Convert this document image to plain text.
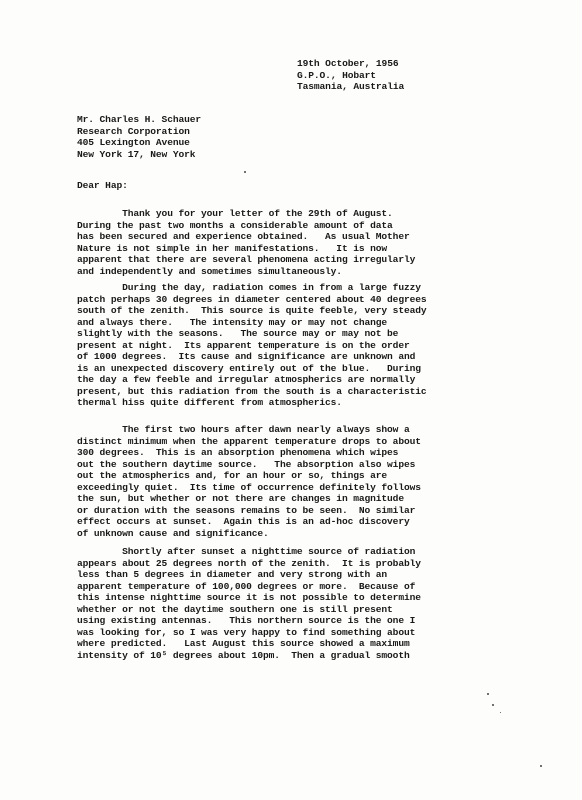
19th October, 1956
G.P.O., Hobart
Tasmania, Australia
Mr. Charles H. Schauer
Research Corporation
405 Lexington Avenue
New York 17, New York
Dear Hap:
Thank you for your letter of the 29th of August.
During the past two months a considerable amount of data
has been secured and experience obtained.   As usual Mother
Nature is not simple in her manifestations.   It is now
apparent that there are several phenomena acting irregularly
and independently and sometimes simultaneously.
During the day, radiation comes in from a large fuzzy
patch perhaps 30 degrees in diameter centered about 40 degrees
south of the zenith.  This source is quite feeble, very steady
and always there.   The intensity may or may not change
slightly with the seasons.   The source may or may not be
present at night.  Its apparent temperature is on the order
of 1000 degrees.  Its cause and significance are unknown and
is an unexpected discovery entirely out of the blue.   During
the day a few feeble and irregular atmospherics are normally
present, but this radiation from the south is a characteristic
thermal hiss quite different from atmospherics.
The first two hours after dawn nearly always show a
distinct minimum when the apparent temperature drops to about
300 degrees.  This is an absorption phenomena which wipes
out the southern daytime source.   The absorption also wipes
out the atmospherics and, for an hour or so, things are
exceedingly quiet.  Its time of occurrence definitely follows
the sun, but whether or not there are changes in magnitude
or duration with the seasons remains to be seen.  No similar
effect occurs at sunset.  Again this is an ad-hoc discovery
of unknown cause and significance.
Shortly after sunset a nighttime source of radiation
appears about 25 degrees north of the zenith.  It is probably
less than 5 degrees in diameter and very strong with an
apparent temperature of 100,000 degrees or more.  Because of
this intense nighttime source it is not possible to determine
whether or not the daytime southern one is still present
using existing antennas.   This northern source is the one I
was looking for, so I was very happy to find something about
where predicted.   Last August this source showed a maximum
intensity of 10⁵ degrees about 10pm.  Then a gradual smooth
